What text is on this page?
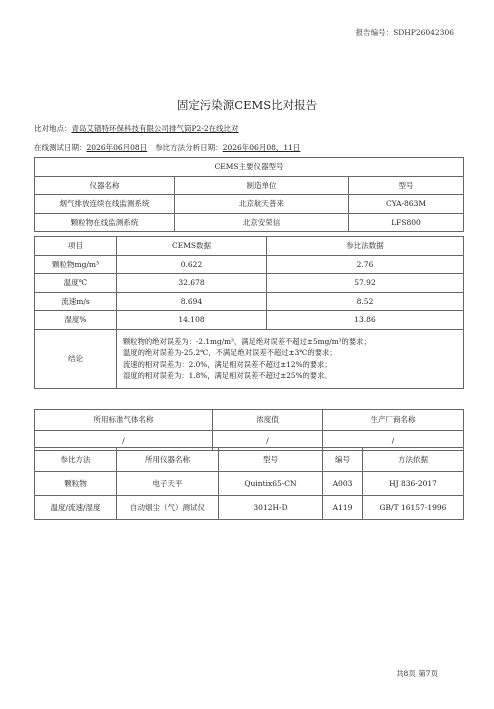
报告编号：SDHP26042306
固定污染源CEMS比对报告
比对地点：青岛艾镨特环保科技有限公司排气筒P2-2在线比对
在线测试日期：2026年06月08日 参比方法分析日期：2026年06月08、11日
CEMS主要仪器型号		
仪器名称	制造单位	型号
烟气排放连续在线监测系统	北京航天普来	CYA-863M
颗粒物在线监测系统	北京安荣信	LFS800
项目	CEMS数据	参比法数据
颗粒物mg/m³	0.622	2.76
温度℃	32.678	57.92
流速m/s	8.694	8.52
湿度%	14.108	13.86
结论	颗粒物的绝对误差为：-2.1mg/m³，满足绝对误差不超过±5mg/m³的要求；
温度的绝对误差为-25.2℃，不满足绝对误差不超过±3℃的要求；
流速的相对误差为：2.0%，满足相对误差不超过±12%的要求；
湿度的相对误差为：1.8%，满足相对误差不超过±25%的要求。	
所用标准气体名称	浓度值	生产厂商名称
/	/	/
参比方法	所用仪器名称	型号	编号	方法依据
颗粒物	电子天平	Quintix65-CN	A003	HJ 836-2017
温度/流速/湿度	自动烟尘（气）测试仪	3012H-D	A119	GB/T 16157-1996
共8页 第7页
